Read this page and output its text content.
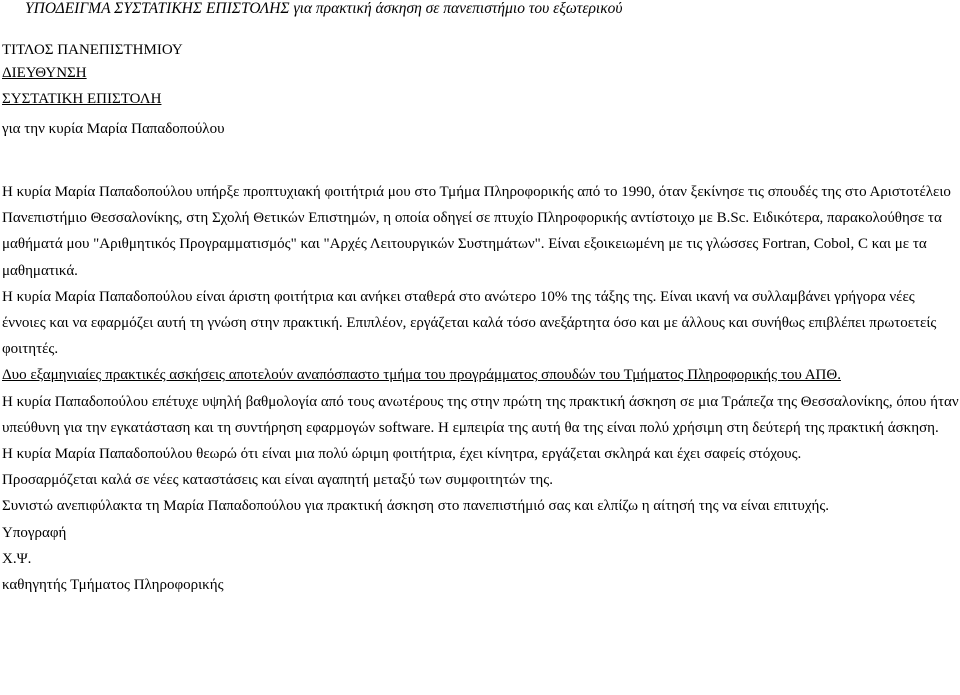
ΥΠΟΔΕΙΓΜΑ ΣΥΣΤΑΤΙΚΗΣ ΕΠΙΣΤΟΛΗΣ για πρακτική άσκηση σε πανεπιστήμιο του εξωτερικού
ΤΙΤΛΟΣ ΠΑΝΕΠΙΣΤΗΜΙΟΥ
ΔΙΕΥΘΥΝΣΗ
ΣΥΣΤΑΤΙΚΗ ΕΠΙΣΤΟΛΗ
για την κυρία Μαρία Παπαδοπούλου

Η κυρία Μαρία Παπαδοπούλου υπήρξε προπτυχιακή φοιτήτριά μου στο Τμήμα Πληροφορικής από το 1990, όταν ξεκίνησε τις σπουδές της στο Αριστοτέλειο Πανεπιστήμιο Θεσσαλονίκης, στη Σχολή Θετικών Επιστημών, η οποία οδηγεί σε πτυχίο Πληροφορικής αντίστοιχο με B.Sc. Ειδικότερα, παρακολούθησε τα μαθήματά μου "Αριθμητικός Προγραμματισμός" και "Αρχές Λειτουργικών Συστημάτων". Είναι εξοικειωμένη με τις γλώσσες Fortran, Cobol, C και με τα μαθηματικά.

Η κυρία Μαρία Παπαδοπούλου είναι άριστη φοιτήτρια και ανήκει σταθερά στο ανώτερο 10% της τάξης της. Είναι ικανή να συλλαμβάνει γρήγορα νέες έννοιες και να εφαρμόζει αυτή τη γνώση στην πρακτική. Επιπλέον, εργάζεται καλά τόσο ανεξάρτητα όσο και με άλλους και συνήθως επιβλέπει πρωτοετείς φοιτητές.

Δυο εξαμηνιαίες πρακτικές ασκήσεις αποτελούν αναπόσπαστο τμήμα του προγράμματος σπουδών του Τμήματος Πληροφορικής του ΑΠΘ.

Η κυρία Παπαδοπούλου επέτυχε υψηλή βαθμολογία από τους ανωτέρους της στην πρώτη της πρακτική άσκηση σε μια Τράπεζα της Θεσσαλονίκης, όπου ήταν υπεύθυνη για την εγκατάσταση και τη συντήρηση εφαρμογών software. Η εμπειρία της αυτή θα της είναι πολύ χρήσιμη στη δεύτερή της πρακτική άσκηση.

Η κυρία Μαρία Παπαδοπούλου θεωρώ ότι είναι μια πολύ ώριμη φοιτήτρια, έχει κίνητρα, εργάζεται σκληρά και έχει σαφείς στόχους.

Προσαρμόζεται καλά σε νέες καταστάσεις και είναι αγαπητή μεταξύ των συμφοιτητών της.

Συνιστώ ανεπιφύλακτα τη Μαρία Παπαδοπούλου για πρακτική άσκηση στο πανεπιστήμιό σας και ελπίζω η αίτησή της να είναι επιτυχής.

Υπογραφή

Χ.Ψ.

καθηγητής Τμήματος Πληροφορικής
